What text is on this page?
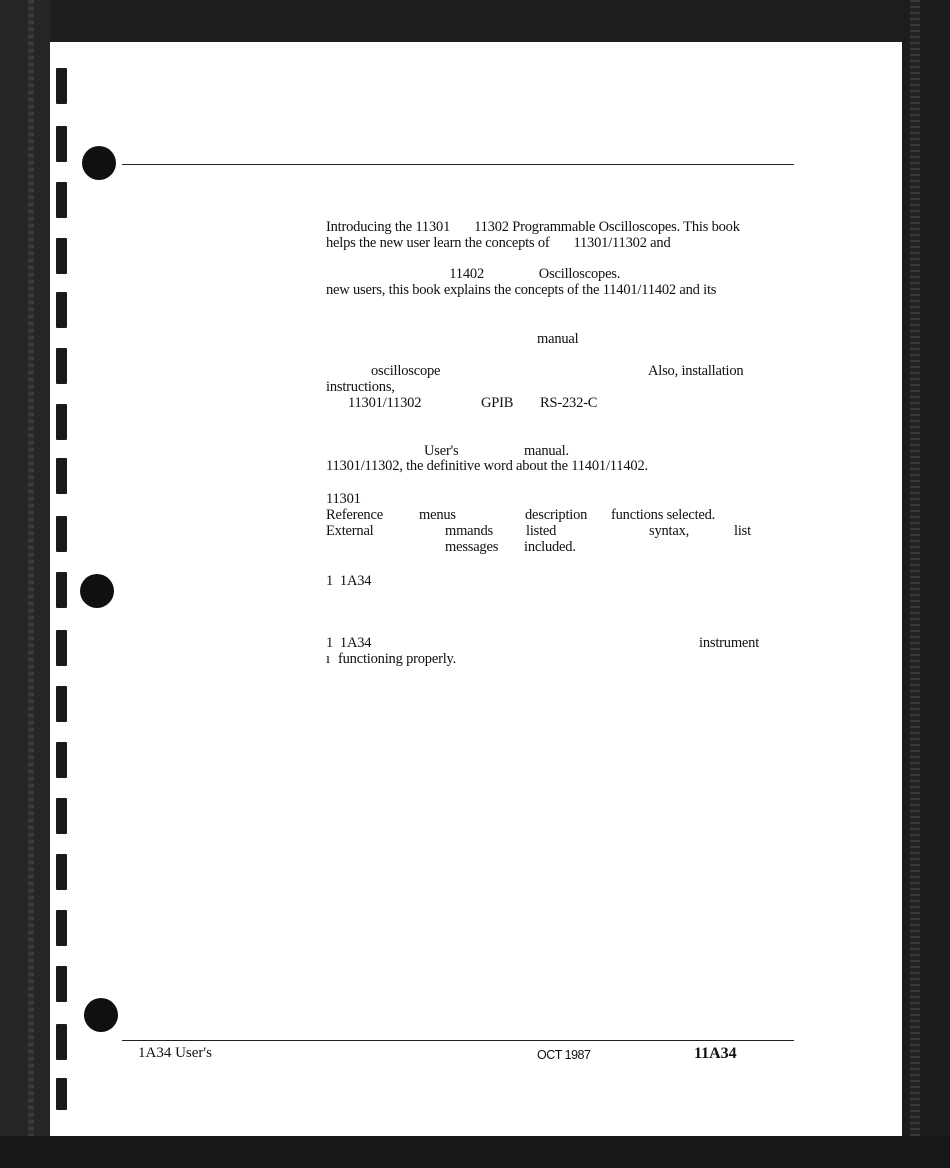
Introducing the 11301       11302 Programmable Oscilloscopes. This book
helps the new user learn the concepts of       11301/11302 and

11402                Oscilloscopes.
new users, this book explains the concepts of the 11401/11402 and its

manual
oscilloscope	Also, installation
instructions,
11301/11302	GPIB RS-232-C
User's	manual.
11301/11302, the definitive word about the 11401/11402.
11301
Reference menus	description functions selected.
External	mmands listed	syntax,	list
messages included.
1  1A34
1  1A34	instrument
ı functioning properly.
1A34 User's	OCT 1987	11A34
